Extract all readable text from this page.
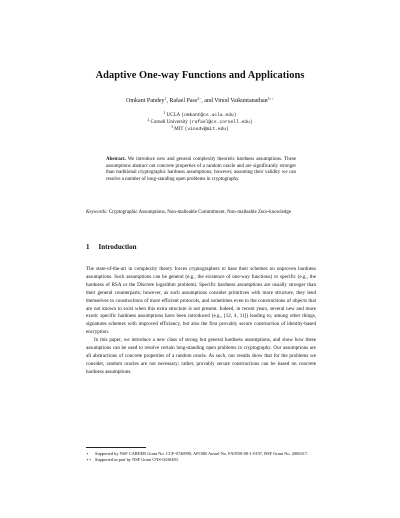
Adaptive One-way Functions and Applications
Omkant Pandey$^1$, Rafael Pass$^{2⋆}$, and Vinod Vaikuntanathan$^{3⋆⋆}$
$^1$ UCLA (omkant@cs.ucla.edu)
$^2$ Cornell University (rafael@cs.cornell.edu)
$^3$ MIT (vinodv@mit.edu)
Abstract. We introduce new and general complexity theoretic hardness assumptions. These assumptions abstract out concrete properties of a random oracle and are significantly stronger than traditional cryptographic hardness assumptions; however, assuming their validity we can resolve a number of long-standing open problems in cryptography.
Keywords: Cryptographic Assumptions, Non-malleable Commitment, Non-malleable Zero-knowledge
1 Introduction

The state-of-the-art in complexity theory forces cryptographers to base their schemes on unproven hardness assumptions. Such assumptions can be general (e.g., the existence of one-way functions) or specific (e.g., the hardness of RSA or the Discrete logarithm problem). Specific hardness assumptions are usually stronger than their general counterparts; however, as such assumptions consider primitives with more structure, they lend themselves to constructions of more efficient protocols, and sometimes even to the constructions of objects that are not known to exist when this extra structure is not present. Indeed, in recent years, several new and more exotic specific hardness assumptions have been introduced (e.g., [12, 4, 11]) leading to, among other things, signatures schemes with improved efficiency, but also the first provably secure construction of identity-based encryption.

In this paper, we introduce a new class of strong but general hardness assumptions, and show how these assumptions can be used to resolve certain long-standing open problems in cryptography. Our assumptions are all abstractions of concrete properties of a random oracle. As such, our results show that for the problems we consider, random oracles are not necessary; rather, provably secure constructions can be based on concrete hardness assumptions.

⋆ Supported by NSF CAREER Grant No. CCF-0746990, AFOSR Award No. FA9550-08-1-0197, BSF Grant No. 2006317.
⋆⋆ Supported in part by NSF Grant CNS-0430450.
